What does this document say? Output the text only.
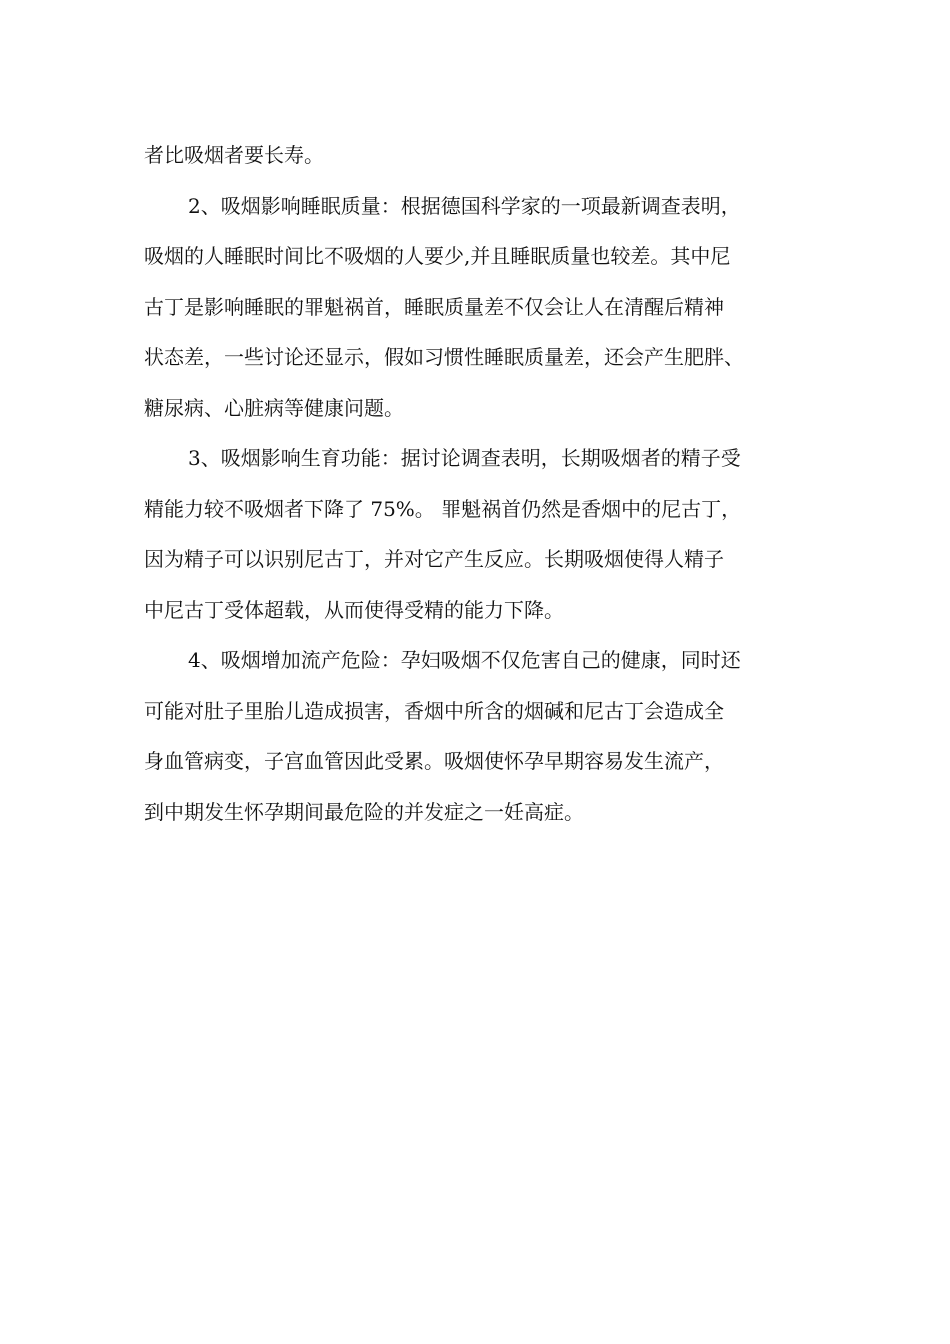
者比吸烟者要长寿。
2、吸烟影响睡眠质量：根据德国科学家的一项最新调查表明，
吸烟的人睡眠时间比不吸烟的人要少,并且睡眠质量也较差。其中尼
古丁是影响睡眠的罪魁祸首，睡眠质量差不仅会让人在清醒后精神
状态差，一些讨论还显示，假如习惯性睡眠质量差，还会产生肥胖、
糖尿病、心脏病等健康问题。
3、吸烟影响生育功能：据讨论调查表明，长期吸烟者的精子受
精能力较不吸烟者下降了 75%。 罪魁祸首仍然是香烟中的尼古丁，
因为精子可以识别尼古丁，并对它产生反应。长期吸烟使得人精子
中尼古丁受体超载，从而使得受精的能力下降。
4、吸烟增加流产危险：孕妇吸烟不仅危害自己的健康，同时还
可能对肚子里胎儿造成损害，香烟中所含的烟碱和尼古丁会造成全
身血管病变，子宫血管因此受累。吸烟使怀孕早期容易发生流产，
到中期发生怀孕期间最危险的并发症之一妊高症。
